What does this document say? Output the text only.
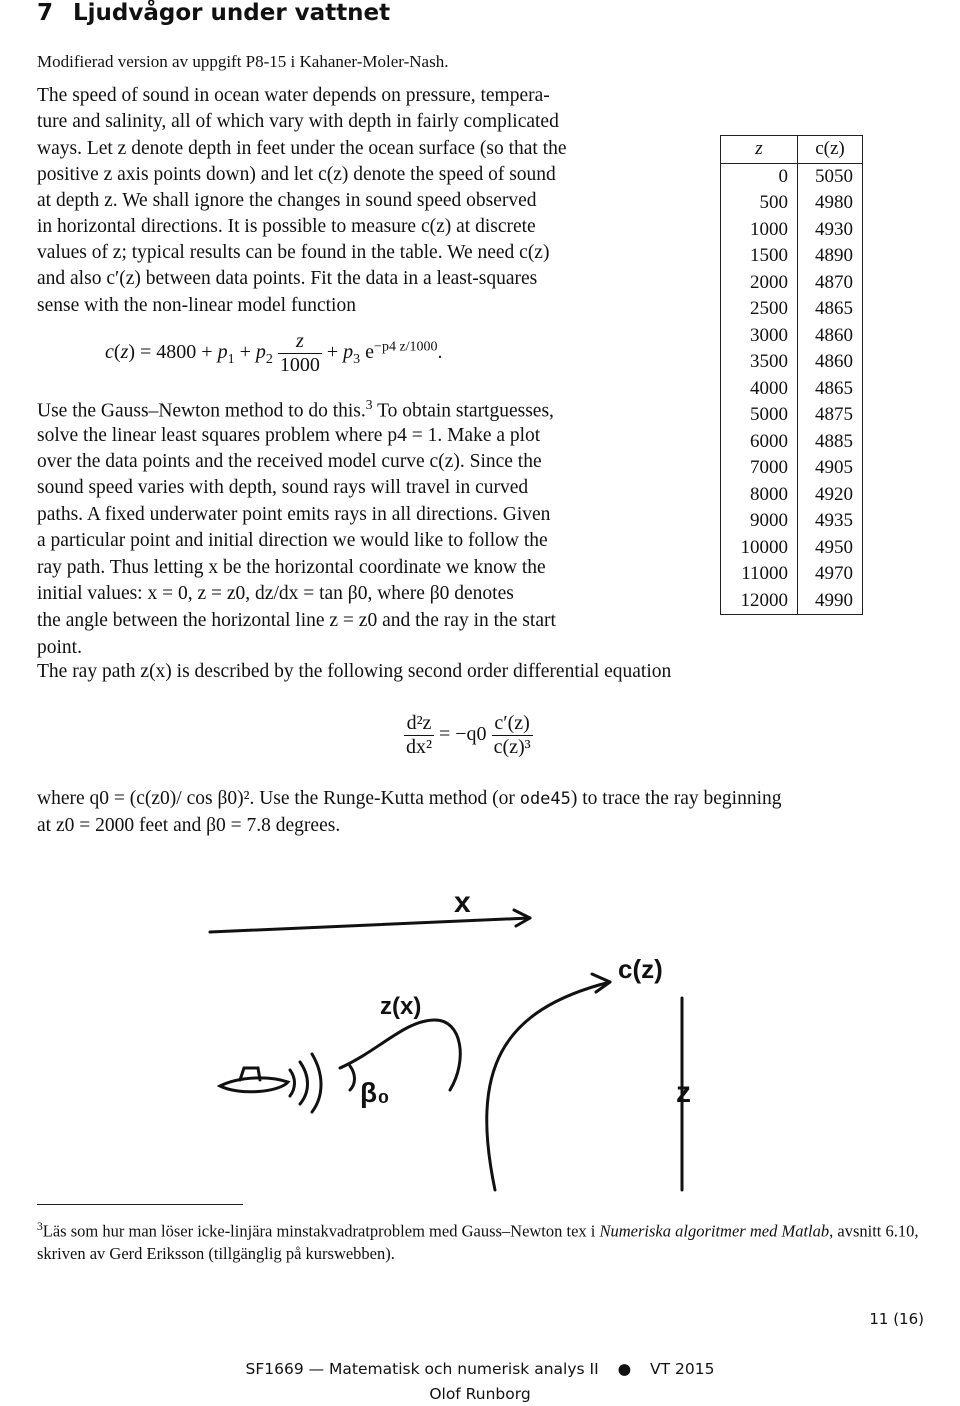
7 Ljudvågor under vattnet
Modifierad version av uppgift P8-15 i Kahaner-Moler-Nash.
The speed of sound in ocean water depends on pressure, tempera-
ture and salinity, all of which vary with depth in fairly complicated
ways. Let z denote depth in feet under the ocean surface (so that the
positive z axis points down) and let c(z) denote the speed of sound
at depth z. We shall ignore the changes in sound speed observed
in horizontal directions. It is possible to measure c(z) at discrete
values of z; typical results can be found in the table. We need c(z)
and also c′(z) between data points. Fit the data in a least-squares
sense with the non-linear model function
$c(z) = 4800 + p_1 + p_2 \frac{z}{1000} + p_3$ $e^{-p4 z/1000}$.
Use the Gauss–Newton method to do this.$^3$ To obtain startguesses,
solve the linear least squares problem where p4 = 1. Make a plot
over the data points and the received model curve c(z). Since the
sound speed varies with depth, sound rays will travel in curved
paths. A fixed underwater point emits rays in all directions. Given
a particular point and initial direction we would like to follow the
ray path. Thus letting x be the horizontal coordinate we know the
initial values: x = 0, z = z0, dz/dx = tan β0, where β0 denotes
the angle between the horizontal line z = z0 and the ray in the start
point.
The ray path z(x) is described by the following second order differential equation
$\frac{\text{d²z}}{\text{dx²}} = -q0 \frac{c'(z)}{\text{c(z)³}}$
where q0 = (c(z0)/ cos β0)². Use the Runge-Kutta method (or ode45) to trace the ray beginning
at z0 = 2000 feet and β0 = 7.8 degrees.
z	c(z)
0	5050
500	4980
1000	4930
1500	4890
2000	4870
2500	4865
3000	4860
3500	4860
4000	4865
5000	4875
6000	4885
7000	4905
8000	4920
9000	4935
10000	4950
11000	4970
12000	4990
x
c(z)
z(x)
β₀	z
$^3$Läs som hur man löser icke-linjära minstakvadratproblem med Gauss–Newton tex i Numeriska algoritmer med Matlab, avsnitt 6.10, skriven av Gerd Eriksson (tillgänglig på kurswebben).
11 (16)
SF1669 — Matematisk och numerisk analys II ● VT 2015
Olof Runborg
